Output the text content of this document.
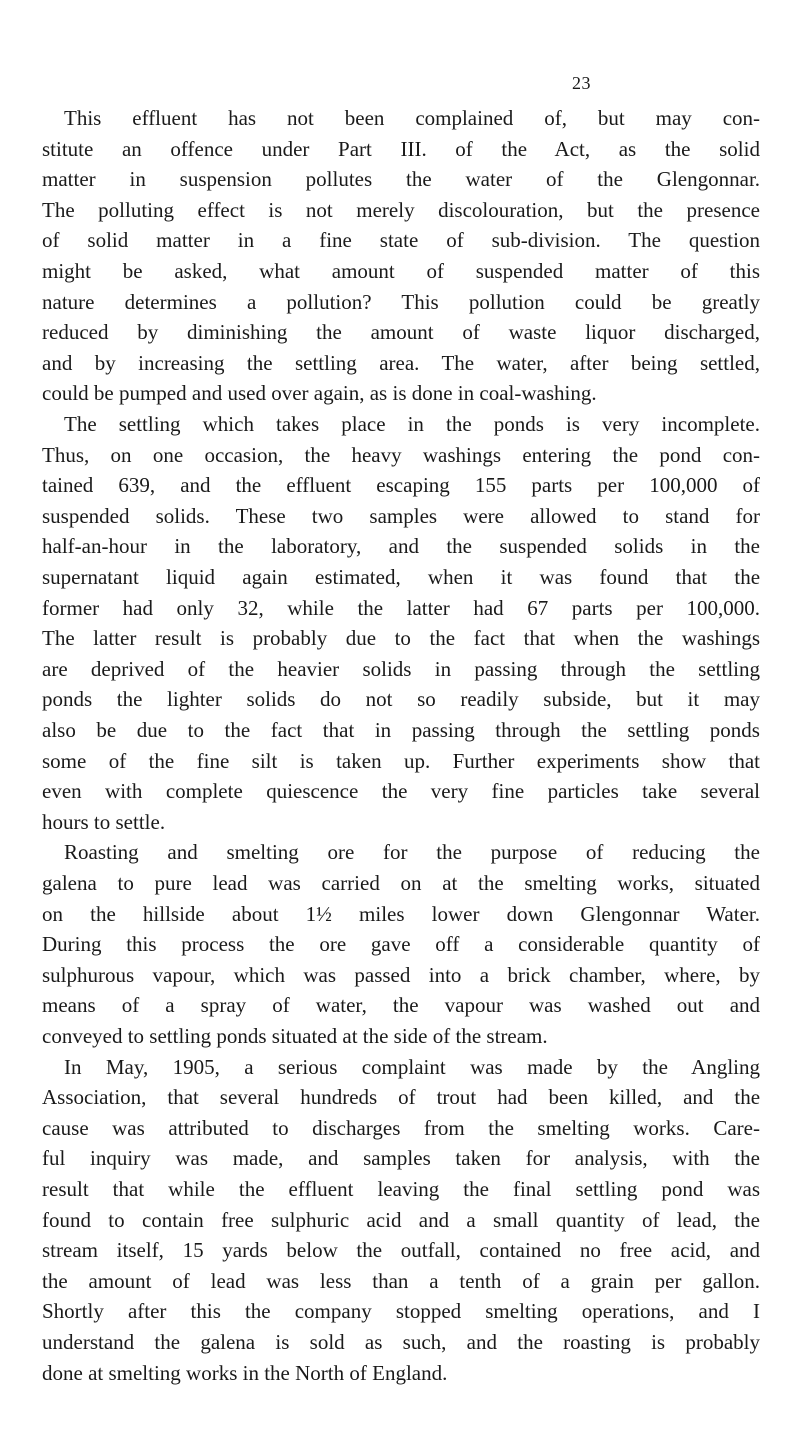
23
This effluent has not been complained of, but may con-
stitute an offence under Part III. of the Act, as the solid
matter in suspension pollutes the water of the Glengonnar.
The polluting effect is not merely discolouration, but the presence
of solid matter in a fine state of sub-division. The question
might be asked, what amount of suspended matter of this
nature determines a pollution? This pollution could be greatly
reduced by diminishing the amount of waste liquor discharged,
and by increasing the settling area. The water, after being settled,
could be pumped and used over again, as is done in coal-washing.
The settling which takes place in the ponds is very incomplete.
Thus, on one occasion, the heavy washings entering the pond con-
tained 639, and the effluent escaping 155 parts per 100,000 of
suspended solids. These two samples were allowed to stand for
half-an-hour in the laboratory, and the suspended solids in the
supernatant liquid again estimated, when it was found that the
former had only 32, while the latter had 67 parts per 100,000.
The latter result is probably due to the fact that when the washings
are deprived of the heavier solids in passing through the settling
ponds the lighter solids do not so readily subside, but it may
also be due to the fact that in passing through the settling ponds
some of the fine silt is taken up. Further experiments show that
even with complete quiescence the very fine particles take several
hours to settle.
Roasting and smelting ore for the purpose of reducing the
galena to pure lead was carried on at the smelting works, situated
on the hillside about 1½ miles lower down Glengonnar Water.
During this process the ore gave off a considerable quantity of
sulphurous vapour, which was passed into a brick chamber, where, by
means of a spray of water, the vapour was washed out and
conveyed to settling ponds situated at the side of the stream.
In May, 1905, a serious complaint was made by the Angling
Association, that several hundreds of trout had been killed, and the
cause was attributed to discharges from the smelting works. Care-
ful inquiry was made, and samples taken for analysis, with the
result that while the effluent leaving the final settling pond was
found to contain free sulphuric acid and a small quantity of lead, the
stream itself, 15 yards below the outfall, contained no free acid, and
the amount of lead was less than a tenth of a grain per gallon.
Shortly after this the company stopped smelting operations, and I
understand the galena is sold as such, and the roasting is probably
done at smelting works in the North of England.
